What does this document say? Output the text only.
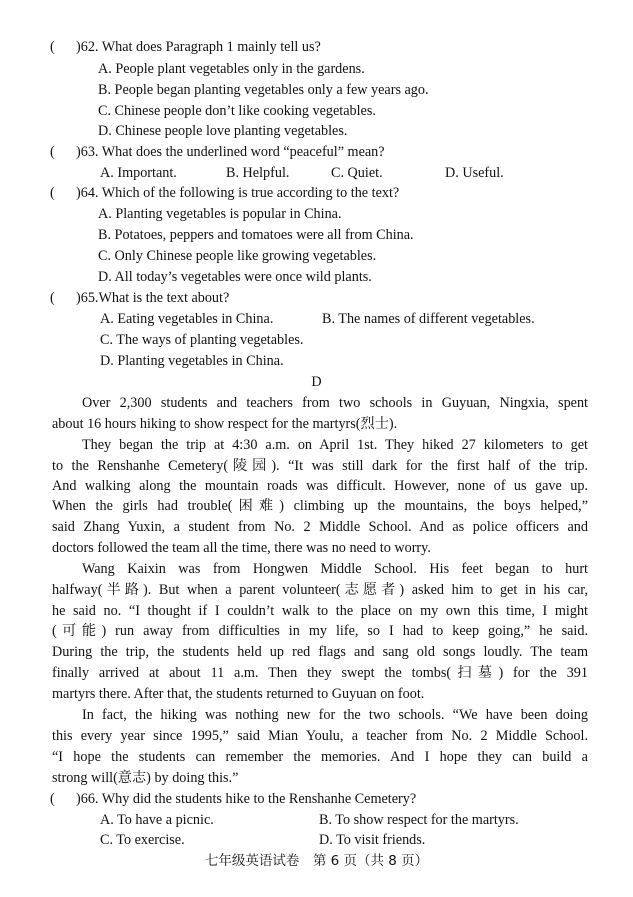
( )62. What does Paragraph 1 mainly tell us?
A. People plant vegetables only in the gardens.
B. People began planting vegetables only a few years ago.
C. Chinese people don’t like cooking vegetables.
D. Chinese people love planting vegetables.
( )63. What does the underlined word “peaceful” mean?
A. Important.	B. Helpful.	C. Quiet.	D. Useful.
( )64. Which of the following is true according to the text?
A. Planting vegetables is popular in China.
B. Potatoes, peppers and tomatoes were all from China.
C. Only Chinese people like growing vegetables.
D. All today’s vegetables were once wild plants.
( )65.What is the text about?
A. Eating vegetables in China.	B. The names of different vegetables.
C. The ways of planting vegetables.
D. Planting vegetables in China.
D
Over 2,300 students and teachers from two schools in Guyuan, Ningxia, spent
about 16 hours hiking to show respect for the martyrs(烈士).
They began the trip at 4:30 a.m. on April 1st. They hiked 27 kilometers to get
to the Renshanhe Cemetery(陵园). “It was still dark for the first half of the trip.
And walking along the mountain roads was difficult. However, none of us gave up.
When the girls had trouble(困难) climbing up the mountains, the boys helped,”
said Zhang Yuxin, a student from No. 2 Middle School. And as police officers and
doctors followed the team all the time, there was no need to worry.
Wang Kaixin was from Hongwen Middle School. His feet began to hurt
halfway(半路). But when a parent volunteer(志愿者) asked him to get in his car,
he said no. “I thought if I couldn’t walk to the place on my own this time, I might
(可能) run away from difficulties in my life, so I had to keep going,” he said.
During the trip, the students held up red flags and sang old songs loudly. The team
finally arrived at about 11 a.m. Then they swept the tombs(扫墓) for the 391
martyrs there. After that, the students returned to Guyuan on foot.
In fact, the hiking was nothing new for the two schools. “We have been doing
this every year since 1995,” said Mian Youlu, a teacher from No. 2 Middle School.
“I hope the students can remember the memories. And I hope they can build a
strong will(意志) by doing this.”
( )66. Why did the students hike to the Renshanhe Cemetery?
A. To have a picnic.	B. To show respect for the martyrs.
C. To exercise.	D. To visit friends.
七年级英语试卷　第 6 页（共 8 页）
